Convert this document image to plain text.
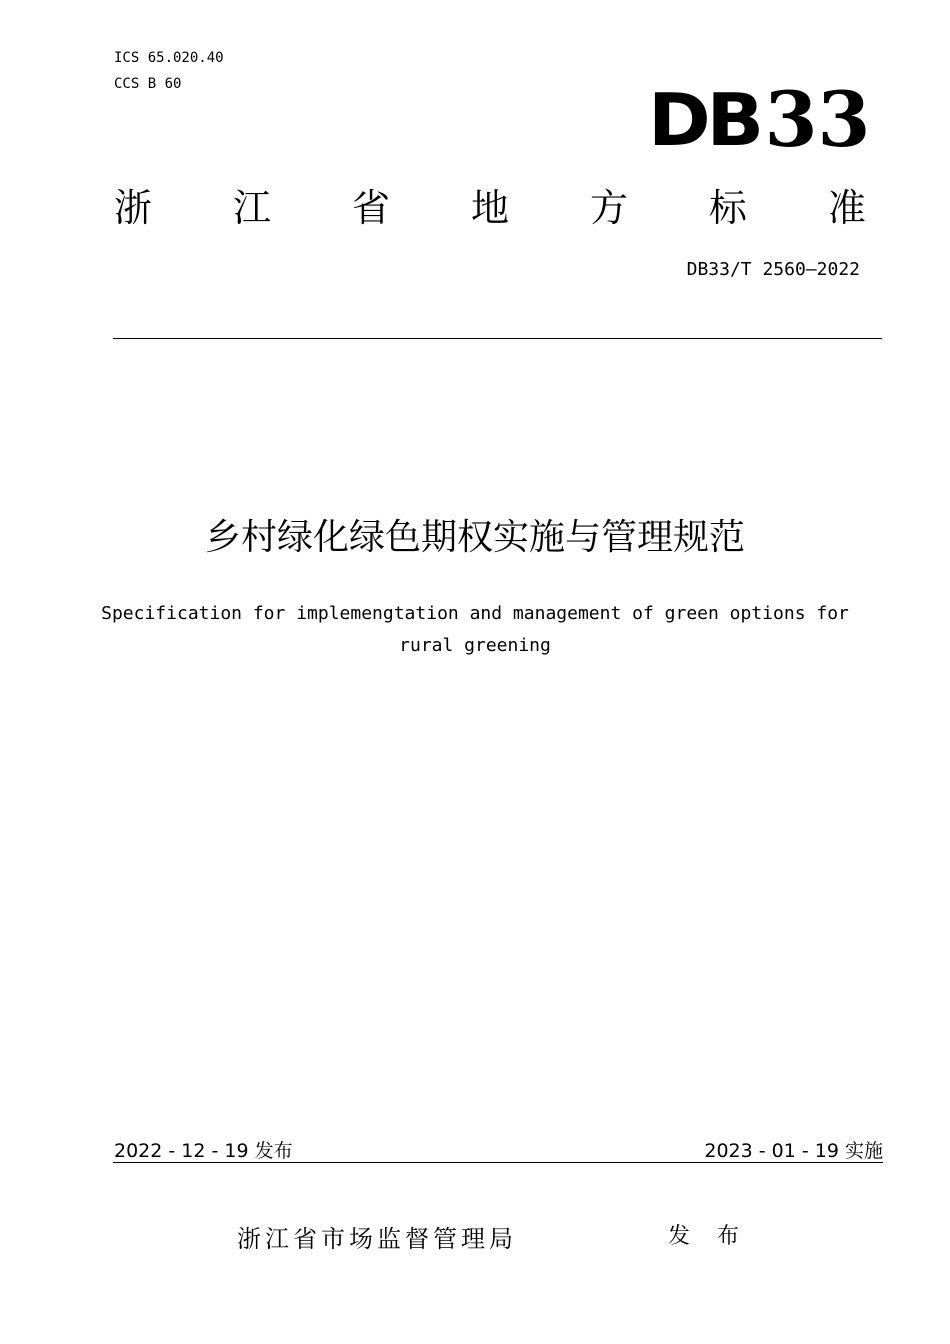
ICS 65.020.40
CCS B 60	DB 33
浙 江 省 地 方 标 准
DB33/T 2560—2022
乡村绿化绿色期权实施与管理规范
Specification for implemengtation and management of green options for
rural greening
2022 - 12 - 19 发布	2023 - 01 - 19 实施
浙江省市场监督管理局	发 布
